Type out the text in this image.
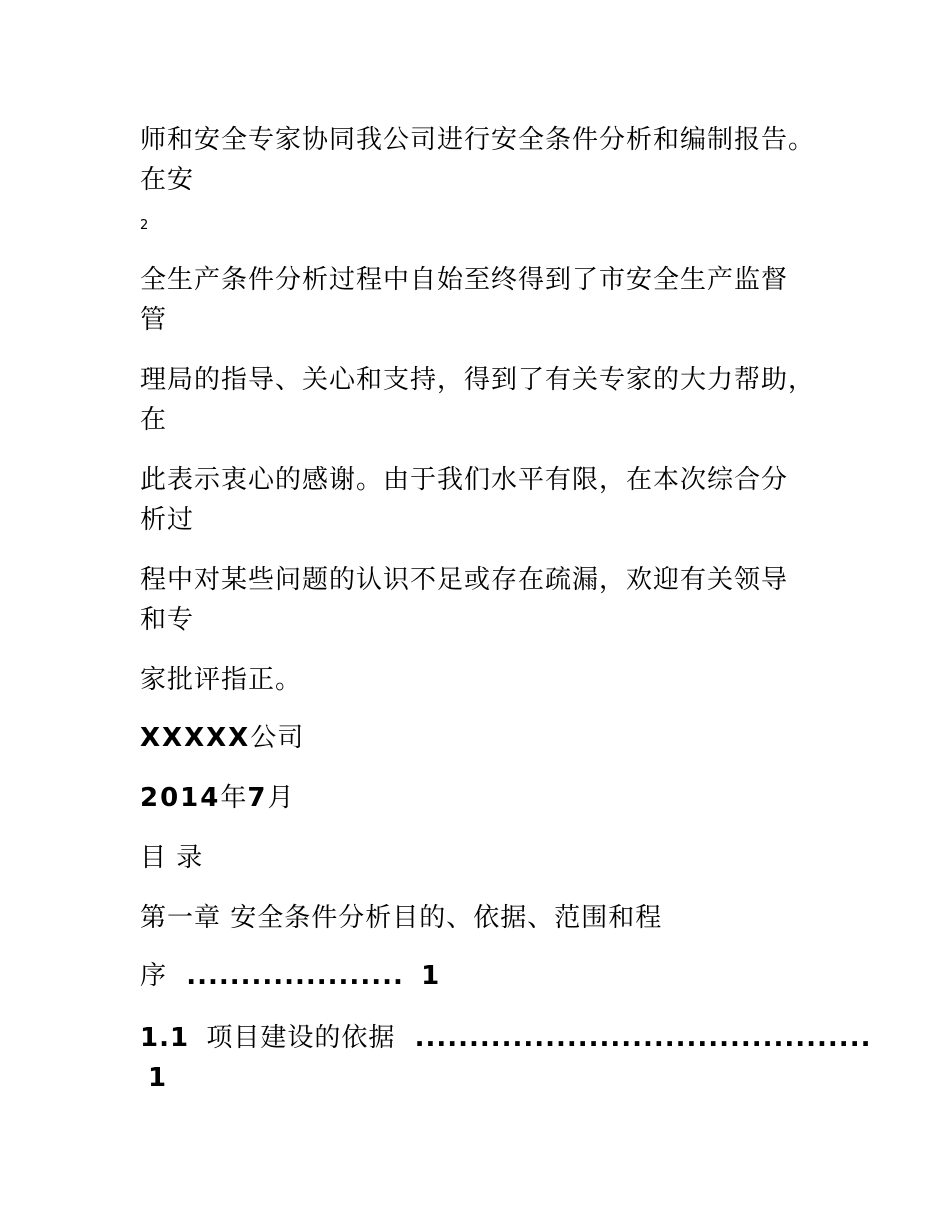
师和安全专家协同我公司进行安全条件分析和编制报告。
在安
2
全生产条件分析过程中自始至终得到了市安全生产监督
管
理局的指导、关心和支持，得到了有关专家的大力帮助，
在
此表示衷心的感谢。由于我们水平有限，在本次综合分
析过
程中对某些问题的认识不足或存在疏漏，欢迎有关领导
和专
家批评指正。
XXXXX公司
2014年7月
目 录
第一章 安全条件分析目的、依据、范围和程
序 .................... 1
1.1 项目建设的依据 ..........................................
1
